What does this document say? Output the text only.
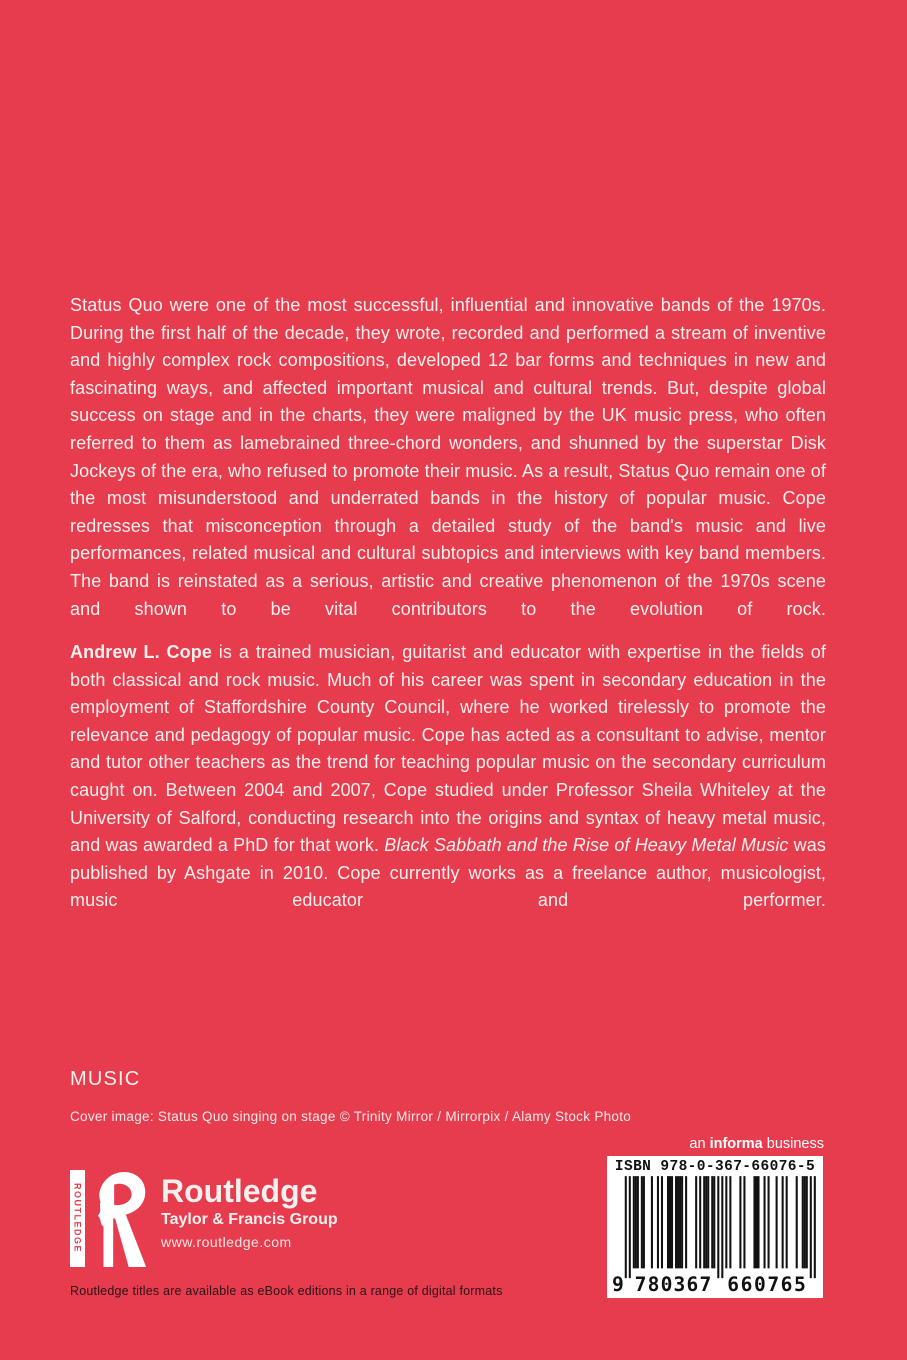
Status Quo were one of the most successful, influential and innovative bands of the 1970s. During the first half of the decade, they wrote, recorded and performed a stream of inventive and highly complex rock compositions, developed 12 bar forms and techniques in new and fascinating ways, and affected important musical and cultural trends. But, despite global success on stage and in the charts, they were maligned by the UK music press, who often referred to them as lamebrained three-chord wonders, and shunned by the superstar Disk Jockeys of the era, who refused to promote their music. As a result, Status Quo remain one of the most misunderstood and underrated bands in the history of popular music. Cope redresses that misconception through a detailed study of the band's music and live performances, related musical and cultural subtopics and interviews with key band members. The band is reinstated as a serious, artistic and creative phenomenon of the 1970s scene and shown to be vital contributors to the evolution of rock.

Andrew L. Cope is a trained musician, guitarist and educator with expertise in the fields of both classical and rock music. Much of his career was spent in secondary education in the employment of Staffordshire County Council, where he worked tirelessly to promote the relevance and pedagogy of popular music. Cope has acted as a consultant to advise, mentor and tutor other teachers as the trend for teaching popular music on the secondary curriculum caught on. Between 2004 and 2007, Cope studied under Professor Sheila Whiteley at the University of Salford, conducting research into the origins and syntax of heavy metal music, and was awarded a PhD for that work. Black Sabbath and the Rise of Heavy Metal Music was published by Ashgate in 2010. Cope currently works as a freelance author, musicologist, music educator and performer.

MUSIC
Cover image: Status Quo singing on stage © Trinity Mirror / Mirrorpix / Alamy Stock Photo
an informa business
ISBN 978-0-367-66076-5
9 780367 660765
ROUTLEDGE Routledge
Taylor & Francis Group
www.routledge.com
Routledge titles are available as eBook editions in a range of digital formats
